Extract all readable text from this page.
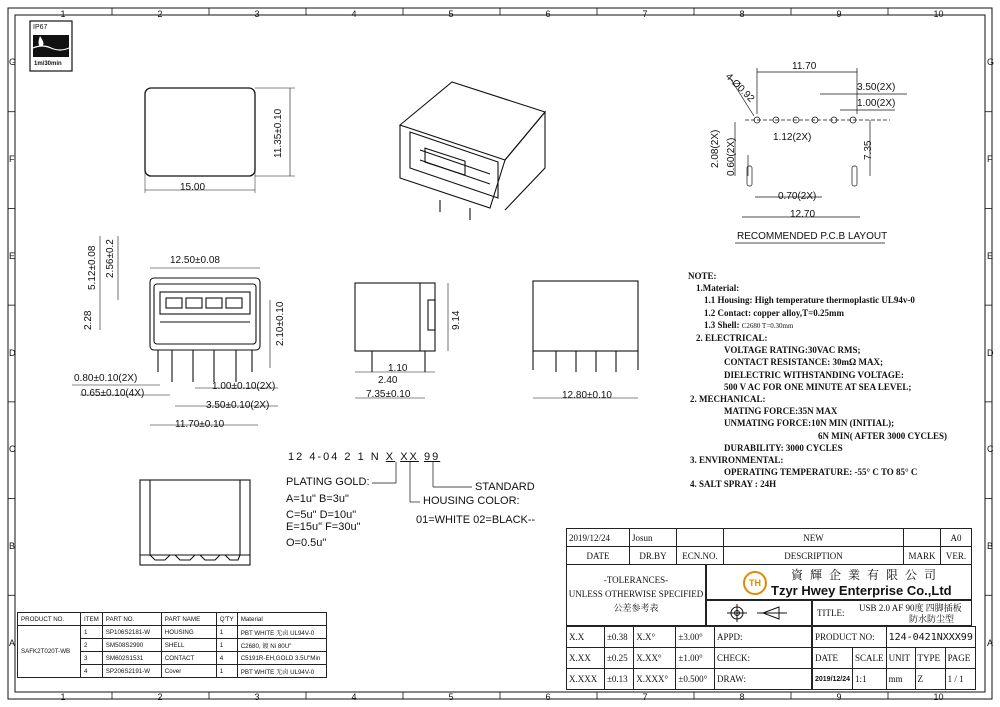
IP67
1m/30min
15.00
11.35±0.10
11.70
3.50(2X)
1.00(2X)
1.12(2X)
4-Ø0.92
2.08(2X) 0.60(2X)	7.35
0.70(2X)
12.70
RECOMMENDED P.C.B LAYOUT
12.50±0.08
5.12±0.08 2.56±0.2
2.28	2.10±0.10
0.80±0.10(2X)
0.65±0.10(4X)
1.00±0.10(2X)
3.50±0.10(2X)
11.70±0.10
9.14
1.10
2.40
7.35±0.10	12.80±0.10
12 4-04 2 1 N X XX 99
STANDARD
HOUSING COLOR:
01=WHITE 02=BLACK--
PLATING GOLD:
A=1u" B=3u"
C=5u" D=10u"
E=15u" F=30u"
O=0.5u"
NOTE:
1.Material:
1.1 Housing: High temperature thermoplastic UL94v-0
1.2 Contact: copper alloy,T=0.25mm
1.3 Shell: C2680 T=0.30mm
2. ELECTRICAL:
VOLTAGE RATING:30VAC RMS;
CONTACT RESISTANCE: 30mΩ MAX;
DIELECTRIC WITHSTANDING VOLTAGE:
500 V AC FOR ONE MINUTE AT SEA LEVEL;
2. MECHANICAL:
MATING FORCE:35N MAX
UNMATING FORCE:10N MIN (INITIAL);
6N MIN( AFTER 3000 CYCLES)
DURABILITY: 3000 CYCLES
3. ENVIRONMENTAL:
OPERATING TEMPERATURE: -55° C TO 85° C
4. SALT SPRAY : 24H
PRODUCT NO.	ITEM	PART NO.	PART NAME	Q'TY	Material
SAFK2T020T-WB	1	SP106S2181-W	HOUSING	1	PBT WHITE 无卤 UL94V-0
	2	SM508S2990	SHELL	1	C2680, 镀 Ni 80U"
	3	SM602S1531	CONTACT	4	C5191R-EH,GOLD 3.5U"Min
	4	SP206S2191-W	Cover	1	PBT WHITE 无卤 UL94V-0
2019/12/24	Josun		NEW		A0
DATE	DR.BY	ECN.NO.	DESCRIPTION	MARK	VER.
-TOLERANCES-
UNLESS OTHERWISE SPECIFIED
公差参考表
TH
資 輝 企 業 有 限 公 司
Tzyr Hwey Enterprise Co.,Ltd
TITLE: USB 2.0 AF 90度 四脚插板
防水防尘型
X.X	±0.38	X.X°	±3.00°	APPD:
X.XX	±0.25	X.XX°	±1.00°	CHECK:
X.XXX	±0.13	X.XXX°	±0.500°	DRAW:
PRODUCT NO:		124-0421NXXX99		
DATE	SCALE	UNIT	TYPE	PAGE
2019/12/24	1:1	mm	Z	1 / 1
1
1
2
2
3
3
4
4
5
5
6
6
7
7
8
8
9
9
10
10
G	G
F	F
E	E
D	D
C	C
B	B
A	A
